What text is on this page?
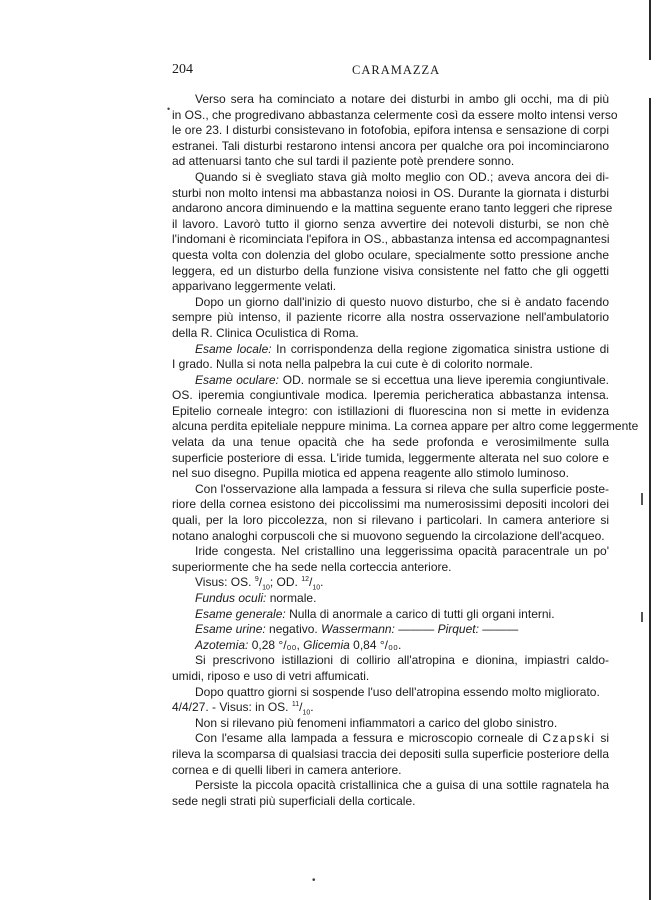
204	CARAMAZZA
•

Verso sera ha cominciato a notare dei disturbi in ambo gli occhi, ma di più

in OS., che progredivano abbastanza celermente così da essere molto intensi verso

le ore 23. I disturbi consistevano in fotofobia, epifora intensa e sensazione di corpi

estranei. Tali disturbi restarono intensi ancora per qualche ora poi incominciarono

ad attenuarsi tanto che sul tardi il paziente potè prendere sonno.

Quando si è svegliato stava già molto meglio con OD.; aveva ancora dei di-

sturbi non molto intensi ma abbastanza noiosi in OS. Durante la giornata i disturbi

andarono ancora diminuendo e la mattina seguente erano tanto leggeri che riprese

il lavoro. Lavorò tutto il giorno senza avvertire dei notevoli disturbi, se non chè

l'indomani è ricominciata l'epifora in OS., abbastanza intensa ed accompagnantesi

questa volta con dolenzia del globo oculare, specialmente sotto pressione anche

leggera, ed un disturbo della funzione visiva consistente nel fatto che gli oggetti

apparivano leggermente velati.

Dopo un giorno dall'inizio di questo nuovo disturbo, che si è andato facendo

sempre più intenso, il paziente ricorre alla nostra osservazione nell'ambulatorio

della R. Clinica Oculistica di Roma.

Esame locale: In corrispondenza della regione zigomatica sinistra ustione di

I grado. Nulla si nota nella palpebra la cui cute è di colorito normale.

Esame oculare: OD. normale se si eccettua una lieve iperemia congiuntivale.

OS. iperemia congiuntivale modica. Iperemia pericheratica abbastanza intensa.

Epitelio corneale integro: con istillazioni di fluorescina non si mette in evidenza

alcuna perdita epiteliale neppure minima. La cornea appare per altro come leggermente

velata da una tenue opacità che ha sede profonda e verosimilmente sulla

superficie posteriore di essa. L'iride tumida, leggermente alterata nel suo colore e

nel suo disegno. Pupilla miotica ed appena reagente allo stimolo luminoso.

Con l'osservazione alla lampada a fessura si rileva che sulla superficie poste-

riore della cornea esistono dei piccolissimi ma numerosissimi depositi incolori dei

quali, per la loro piccolezza, non si rilevano i particolari. In camera anteriore si

notano analoghi corpuscoli che si muovono seguendo la circolazione dell'acqueo.

Iride congesta. Nel cristallino una leggerissima opacità paracentrale un po'

superiormente che ha sede nella corteccia anteriore.

Visus: OS. $^9/_{10}$; OD. $^{12}/_{10}$.

Fundus oculi: normale.

Esame generale: Nulla di anormale a carico di tutti gli organi interni.

Esame urine: negativo. Wassermann: ——— Pirquet: ———

Azotemia: 0,28 °/₀₀, Glicemia 0,84 °/₀₀.

Si prescrivono istillazioni di collirio all'atropina e dionina, impiastri caldo-

umidi, riposo e uso di vetri affumicati.

Dopo quattro giorni si sospende l'uso dell'atropina essendo molto migliorato.

4/4/27. - Visus: in OS. $^{11}/_{10}$.

Non si rilevano più fenomeni infiammatori a carico del globo sinistro.

Con l'esame alla lampada a fessura e microscopio corneale di Czapski si

rileva la scomparsa di qualsiasi traccia dei depositi sulla superficie posteriore della

cornea e di quelli liberi in camera anteriore.

Persiste la piccola opacità cristallinica che a guisa di una sottile ragnatela ha

sede negli strati più superficiali della corticale.

•
